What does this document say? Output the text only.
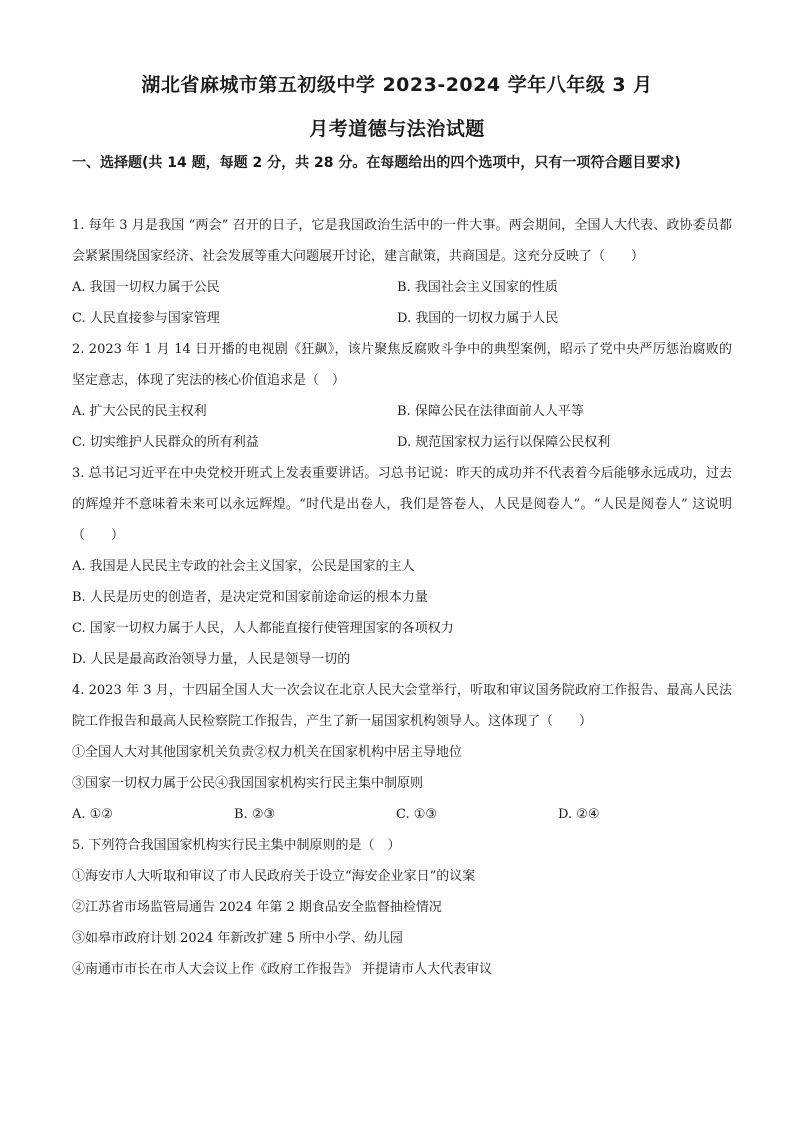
湖北省麻城市第五初级中学 2023-2024 学年八年级 3 月
月考道德与法治试题
一、选择题(共 14 题，每题 2 分，共 28 分。在每题给出的四个选项中，只有一项符合题目要求)

1. 每年 3 月是我国 “两会” 召开的日子，它是我国政治生活中的一件大事。两会期间，全国人大代表、政协委员都会紧紧围绕国家经济、社会发展等重大问题展开讨论，建言献策，共商国是。这充分反映了（　　）

A. 我国一切权力属于公民	B. 我国社会主义国家的性质
C. 人民直接参与国家管理	D. 我国的一切权力属于人民

2. 2023 年 1 月 14 日开播的电视剧《狂飙》，该片聚焦反腐败斗争中的典型案例，昭示了党中央严厉惩治腐败的坚定意志，体现了宪法的核心价值追求是（　）

A. 扩大公民的民主权利	B. 保障公民在法律面前人人平等
C. 切实维护人民群众的所有利益	D. 规范国家权力运行以保障公民权利

3. 总书记习近平在中央党校开班式上发表重要讲话。习总书记说：昨天的成功并不代表着今后能够永远成功，过去的辉煌并不意味着未来可以永远辉煌。“时代是出卷人，我们是答卷人，人民是阅卷人”。“人民是阅卷人” 这说明（　　）

A. 我国是人民民主专政的社会主义国家，公民是国家的主人
B. 人民是历史的创造者，是决定党和国家前途命运的根本力量
C. 国家一切权力属于人民，人人都能直接行使管理国家的各项权力
D. 人民是最高政治领导力量，人民是领导一切的

4. 2023 年 3 月，十四届全国人大一次会议在北京人民大会堂举行，听取和审议国务院政府工作报告、最高人民法院工作报告和最高人民检察院工作报告，产生了新一届国家机构领导人。这体现了（　　）

①全国人大对其他国家机关负责②权力机关在国家机构中居主导地位
③国家一切权力属于公民④我国国家机构实行民主集中制原则
A. ①②	B. ②③	C. ①③	D. ②④

5. 下列符合我国国家机构实行民主集中制原则的是（　）

①海安市人大听取和审议了市人民政府关于设立“海安企业家日”的议案
②江苏省市场监管局通告 2024 年第 2 期食品安全监督抽检情况
③如皋市政府计划 2024 年新改扩建 5 所中小学、幼儿园
④南通市市长在市人大会议上作《政府工作报告》 并提请市人大代表审议
